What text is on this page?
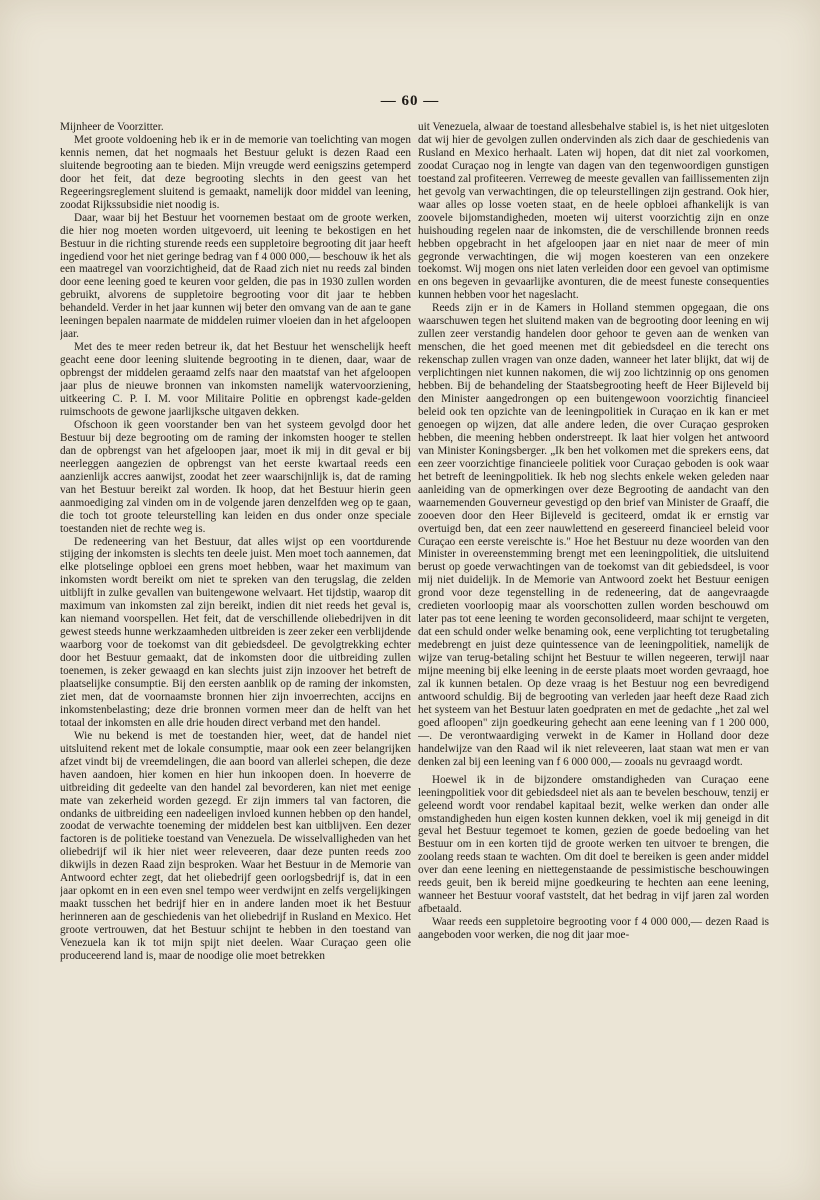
— 60 —

Mijnheer de Voorzitter.

Met groote voldoening heb ik er in de memorie van toelichting van mogen kennis nemen, dat het nogmaals het Bestuur gelukt is dezen Raad een sluitende begrooting aan te bieden. Mijn vreugde werd eenigszins getemperd door het feit, dat deze begrooting slechts in den geest van het Regeeringsreglement sluitend is gemaakt, namelijk door middel van leening, zoodat Rijkssubsidie niet noodig is.

Daar, waar bij het Bestuur het voornemen bestaat om de groote werken, die hier nog moeten worden uitgevoerd, uit leening te bekostigen en het Bestuur in die richting sturende reeds een suppletoire begrooting dit jaar heeft ingediend voor het niet geringe bedrag van f 4 000 000,— beschouw ik het als een maatregel van voorzichtigheid, dat de Raad zich niet nu reeds zal binden door eene leening goed te keuren voor gelden, die pas in 1930 zullen worden gebruikt, alvorens de suppletoire begrooting voor dit jaar te hebben behandeld. Verder in het jaar kunnen wij beter den omvang van de aan te gane leeningen bepalen naarmate de middelen ruimer vloeien dan in het afgeloopen jaar.

Met des te meer reden betreur ik, dat het Bestuur het wenschelijk heeft geacht eene door leening sluitende begrooting in te dienen, daar, waar de opbrengst der middelen geraamd zelfs naar den maatstaf van het afgeloopen jaar plus de nieuwe bronnen van inkomsten namelijk watervoorziening, uitkeering C. P. I. M. voor Militaire Politie en opbrengst kade-gelden ruimschoots de gewone jaarlijksche uitgaven dekken.

Ofschoon ik geen voorstander ben van het systeem gevolgd door het Bestuur bij deze begrooting om de raming der inkomsten hooger te stellen dan de opbrengst van het afgeloopen jaar, moet ik mij in dit geval er bij neerleggen aangezien de opbrengst van het eerste kwartaal reeds een aanzienlijk accres aanwijst, zoodat het zeer waarschijnlijk is, dat de raming van het Bestuur bereikt zal worden. Ik hoop, dat het Bestuur hierin geen aanmoediging zal vinden om in de volgende jaren denzelfden weg op te gaan, die toch tot groote teleurstelling kan leiden en dus onder onze speciale toestanden niet de rechte weg is.

De redeneering van het Bestuur, dat alles wijst op een voortdurende stijging der inkomsten is slechts ten deele juist. Men moet toch aannemen, dat elke plotselinge opbloei een grens moet hebben, waar het maximum van inkomsten wordt bereikt om niet te spreken van den terugslag, die zelden uitblijft in zulke gevallen van buitengewone welvaart. Het tijdstip, waarop dit maximum van inkomsten zal zijn bereikt, indien dit niet reeds het geval is, kan niemand voorspellen. Het feit, dat de verschillende oliebedrijven in dit gewest steeds hunne werkzaamheden uitbreiden is zeer zeker een verblijdende waarborg voor de toekomst van dit gebiedsdeel. De gevolgtrekking echter door het Bestuur gemaakt, dat de inkomsten door die uitbreiding zullen toenemen, is zeker gewaagd en kan slechts juist zijn inzoover het betreft de plaatselijke consumptie. Bij den eersten aanblik op de raming der inkomsten, ziet men, dat de voornaamste bronnen hier zijn invoerrechten, accijns en inkomstenbelasting; deze drie bronnen vormen meer dan de helft van het totaal der inkomsten en alle drie houden direct verband met den handel.

Wie nu bekend is met de toestanden hier, weet, dat de handel niet uitsluitend rekent met de lokale consumptie, maar ook een zeer belangrijken afzet vindt bij de vreemdelingen, die aan boord van allerlei schepen, die deze haven aandoen, hier komen en hier hun inkoopen doen. In hoeverre de uitbreiding dit gedeelte van den handel zal bevorderen, kan niet met eenige mate van zekerheid worden gezegd. Er zijn immers tal van factoren, die ondanks de uitbreiding een nadeeligen invloed kunnen hebben op den handel, zoodat de verwachte toeneming der middelen best kan uitblijven. Een dezer factoren is de politieke toestand van Venezuela. De wisselvalligheden van het oliebedrijf wil ik hier niet weer releveeren, daar deze punten reeds zoo dikwijls in dezen Raad zijn besproken. Waar het Bestuur in de Memorie van Antwoord echter zegt, dat het oliebedrijf geen oorlogsbedrijf is, dat in een jaar opkomt en in een even snel tempo weer verdwijnt en zelfs vergelijkingen maakt tusschen het bedrijf hier en in andere landen moet ik het Bestuur herinneren aan de geschiedenis van het oliebedrijf in Rusland en Mexico. Het groote vertrouwen, dat het Bestuur schijnt te hebben in den toestand van Venezuela kan ik tot mijn spijt niet deelen. Waar Curaçao geen olie produceerend land is, maar de noodige olie moet betrekken

uit Venezuela, alwaar de toestand allesbehalve stabiel is, is het niet uitgesloten dat wij hier de gevolgen zullen ondervinden als zich daar de geschiedenis van Rusland en Mexico herhaalt. Laten wij hopen, dat dit niet zal voorkomen, zoodat Curaçao nog in lengte van dagen van den tegenwoordigen gunstigen toestand zal profiteeren. Verreweg de meeste gevallen van faillissementen zijn het gevolg van verwachtingen, die op teleurstellingen zijn gestrand. Ook hier, waar alles op losse voeten staat, en de heele opbloei afhankelijk is van zoovele bijomstandigheden, moeten wij uiterst voorzichtig zijn en onze huishouding regelen naar de inkomsten, die de verschillende bronnen reeds hebben opgebracht in het afgeloopen jaar en niet naar de meer of min gegronde verwachtingen, die wij mogen koesteren van een onzekere toekomst. Wij mogen ons niet laten verleiden door een gevoel van optimisme en ons begeven in gevaarlijke avonturen, die de meest funeste consequenties kunnen hebben voor het nageslacht.

Reeds zijn er in de Kamers in Holland stemmen opgegaan, die ons waarschuwen tegen het sluitend maken van de begrooting door leening en wij zullen zeer verstandig handelen door gehoor te geven aan de wenken van menschen, die het goed meenen met dit gebiedsdeel en die terecht ons rekenschap zullen vragen van onze daden, wanneer het later blijkt, dat wij de verplichtingen niet kunnen nakomen, die wij zoo lichtzinnig op ons genomen hebben. Bij de behandeling der Staatsbegrooting heeft de Heer Bijleveld bij den Minister aangedrongen op een buitengewoon voorzichtig financieel beleid ook ten opzichte van de leeningpolitiek in Curaçao en ik kan er met genoegen op wijzen, dat alle andere leden, die over Curaçao gesproken hebben, die meening hebben onderstreept. Ik laat hier volgen het antwoord van Minister Koningsberger. „Ik ben het volkomen met die sprekers eens, dat een zeer voorzichtige financieele politiek voor Curaçao geboden is ook waar het betreft de leeningpolitiek. Ik heb nog slechts enkele weken geleden naar aanleiding van de opmerkingen over deze Begrooting de aandacht van den waarnemenden Gouverneur gevestigd op den brief van Minister de Graaff, die zooeven door den Heer Bijleveld is geciteerd, omdat ik er ernstig var overtuigd ben, dat een zeer nauwlettend en gesereerd financieel beleid voor Curaçao een eerste vereischte is." Hoe het Bestuur nu deze woorden van den Minister in overeenstemming brengt met een leeningpolitiek, die uitsluitend berust op goede verwachtingen van de toekomst van dit gebiedsdeel, is voor mij niet duidelijk. In de Memorie van Antwoord zoekt het Bestuur eenigen grond voor deze tegenstelling in de redeneering, dat de aangevraagde credieten voorloopig maar als voorschotten zullen worden beschouwd om later pas tot eene leening te worden geconsolideerd, maar schijnt te vergeten, dat een schuld onder welke benaming ook, eene verplichting tot terugbetaling medebrengt en juist deze quintessence van de leeningpolitiek, namelijk de wijze van terug-betaling schijnt het Bestuur te willen negeeren, terwijl naar mijne meening bij elke leening in de eerste plaats moet worden gevraagd, hoe zal ik kunnen betalen. Op deze vraag is het Bestuur nog een bevredigend antwoord schuldig. Bij de begrooting van verleden jaar heeft deze Raad zich het systeem van het Bestuur laten goedpraten en met de gedachte „het zal wel goed afloopen" zijn goedkeuring gehecht aan eene leening van f 1 200 000,—. De verontwaardiging verwekt in de Kamer in Holland door deze handelwijze van den Raad wil ik niet releveeren, laat staan wat men er van denken zal bij een leening van f 6 000 000,— zooals nu gevraagd wordt.

Hoewel ik in de bijzondere omstandigheden van Curaçao eene leeningpolitiek voor dit gebiedsdeel niet als aan te bevelen beschouw, tenzij er geleend wordt voor rendabel kapitaal bezit, welke werken dan onder alle omstandigheden hun eigen kosten kunnen dekken, voel ik mij geneigd in dit geval het Bestuur tegemoet te komen, gezien de goede bedoeling van het Bestuur om in een korten tijd de groote werken ten uitvoer te brengen, die zoolang reeds staan te wachten. Om dit doel te bereiken is geen ander middel over dan eene leening en niettegenstaande de pessimistische beschouwingen reeds geuit, ben ik bereid mijne goedkeuring te hechten aan eene leening, wanneer het Bestuur vooraf vaststelt, dat het bedrag in vijf jaren zal worden afbetaald.

Waar reeds een suppletoire begrooting voor f 4 000 000,— dezen Raad is aangeboden voor werken, die nog dit jaar moe-
